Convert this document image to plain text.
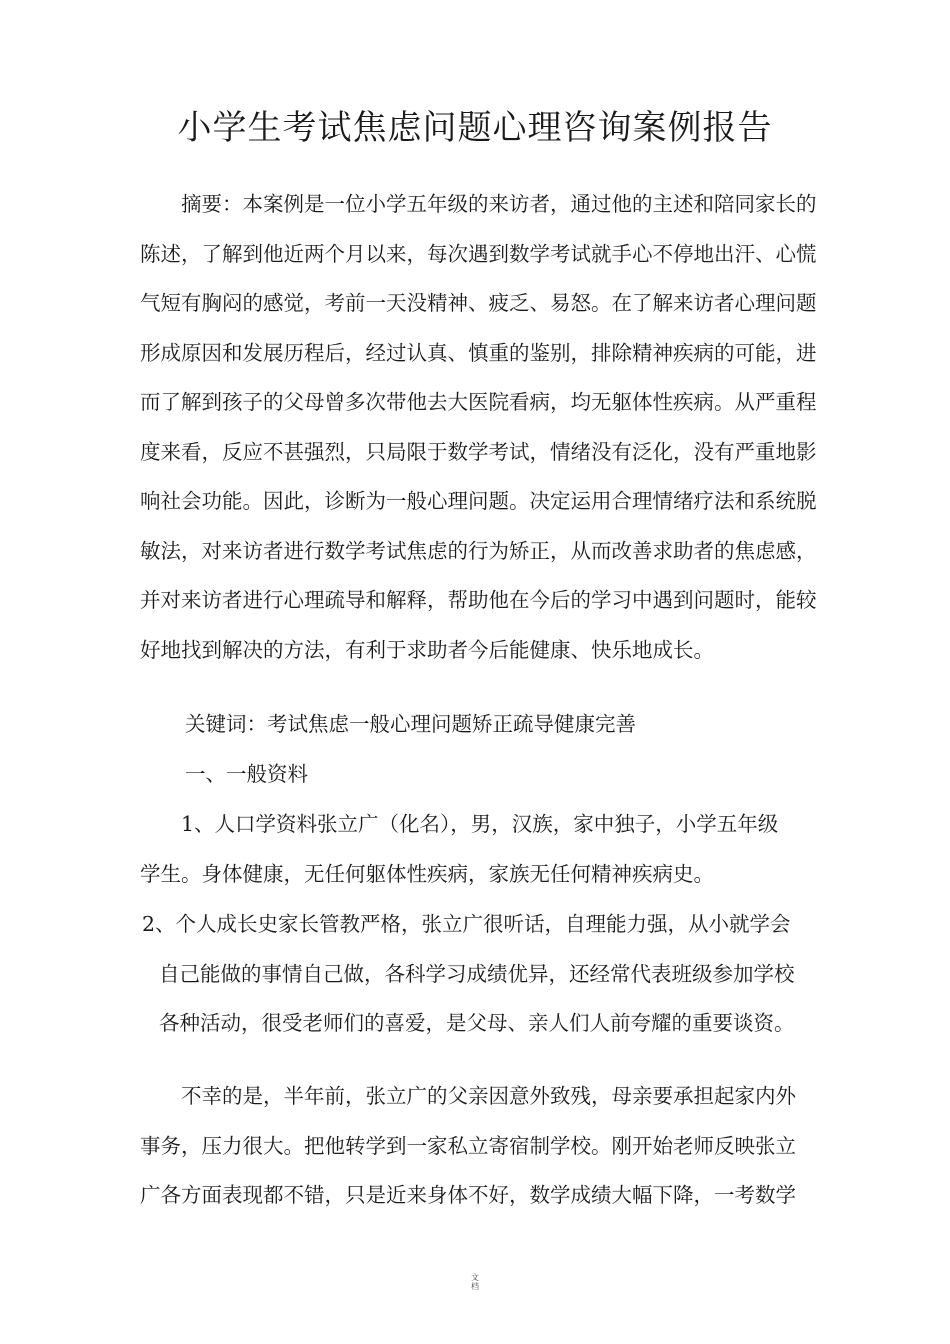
小学生考试焦虑问题心理咨询案例报告
　　摘要：本案例是一位小学五年级的来访者，通过他的主述和陪同家长的
陈述，了解到他近两个月以来，每次遇到数学考试就手心不停地出汗、心慌
气短有胸闷的感觉，考前一天没精神、疲乏、易怒。在了解来访者心理问题
形成原因和发展历程后，经过认真、慎重的鉴别，排除精神疾病的可能，进
而了解到孩子的父母曾多次带他去大医院看病，均无躯体性疾病。从严重程
度来看，反应不甚强烈，只局限于数学考试，情绪没有泛化，没有严重地影
响社会功能。因此，诊断为一般心理问题。决定运用合理情绪疗法和系统脱
敏法，对来访者进行数学考试焦虑的行为矫正，从而改善求助者的焦虑感，
并对来访者进行心理疏导和解释，帮助他在今后的学习中遇到问题时，能较
好地找到解决的方法，有利于求助者今后能健康、快乐地成长。
关键词：考试焦虑一般心理问题矫正疏导健康完善
一、一般资料
　　1、人口学资料张立广（化名），男，汉族，家中独子，小学五年级
学生。身体健康，无任何躯体性疾病，家族无任何精神疾病史。
2、个人成长史家长管教严格，张立广很听话，自理能力强，从小就学会
自己能做的事情自己做，各科学习成绩优异，还经常代表班级参加学校
各种活动，很受老师们的喜爱，是父母、亲人们人前夸耀的重要谈资。
　　不幸的是，半年前，张立广的父亲因意外致残，母亲要承担起家内外
事务，压力很大。把他转学到一家私立寄宿制学校。刚开始老师反映张立
广各方面表现都不错，只是近来身体不好，数学成绩大幅下降，一考数学
文
档
